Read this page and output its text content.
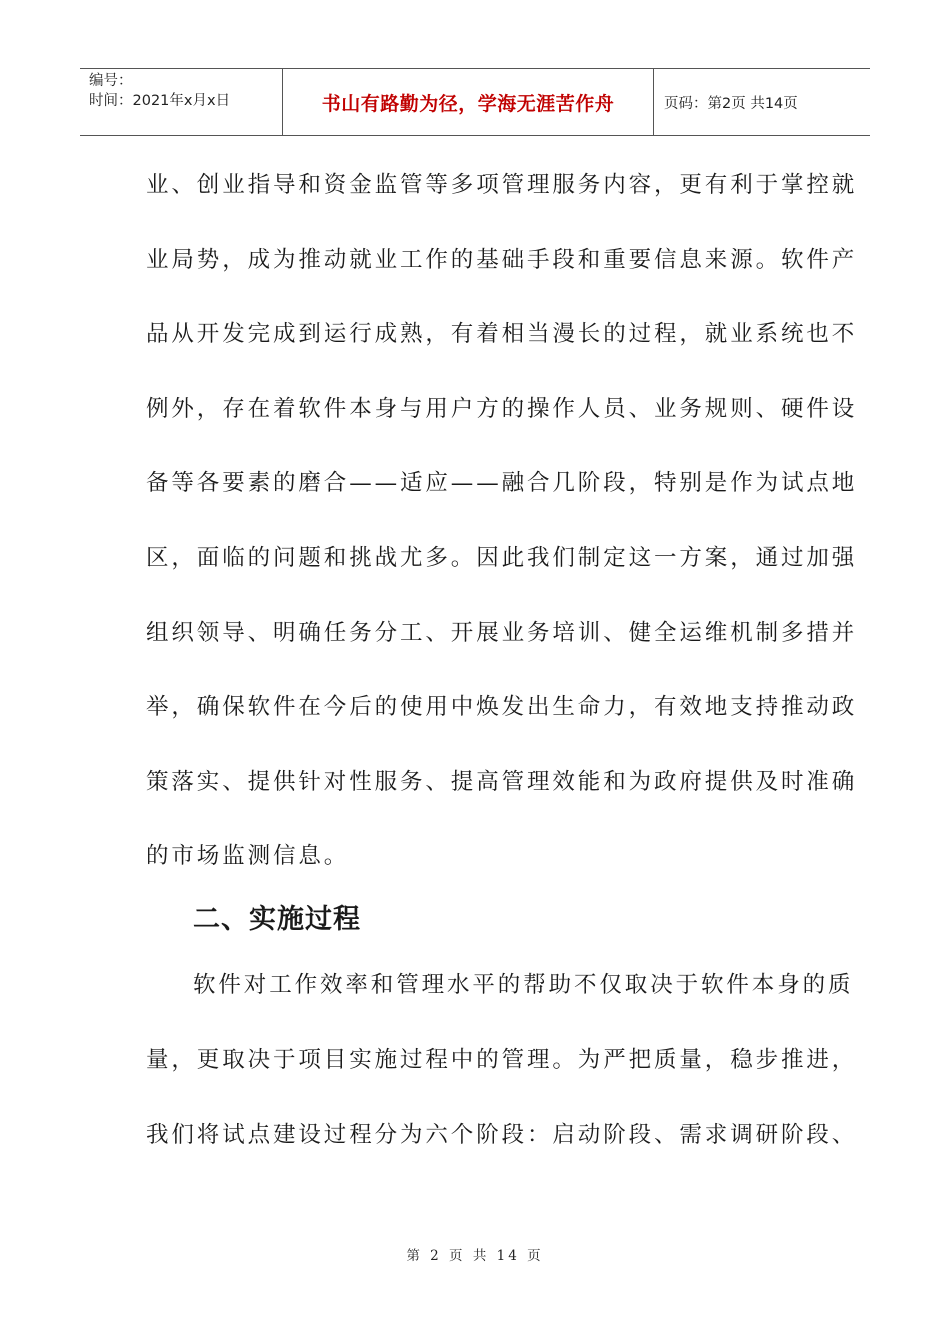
编号：
时间：2021年x月x日	书山有路勤为径，学海无涯苦作舟	页码：第2页 共14页
业、创业指导和资金监管等多项管理服务内容，更有利于掌控就
业局势，成为推动就业工作的基础手段和重要信息来源。软件产
品从开发完成到运行成熟，有着相当漫长的过程，就业系统也不
例外，存在着软件本身与用户方的操作人员、业务规则、硬件设
备等各要素的磨合——适应——融合几阶段，特别是作为试点地
区，面临的问题和挑战尤多。因此我们制定这一方案，通过加强
组织领导、明确任务分工、开展业务培训、健全运维机制多措并
举，确保软件在今后的使用中焕发出生命力，有效地支持推动政
策落实、提供针对性服务、提高管理效能和为政府提供及时准确
的市场监测信息。
二、实施过程
软件对工作效率和管理水平的帮助不仅取决于软件本身的质
量，更取决于项目实施过程中的管理。为严把质量，稳步推进，
我们将试点建设过程分为六个阶段：启动阶段、需求调研阶段、
第 2 页 共 14 页
